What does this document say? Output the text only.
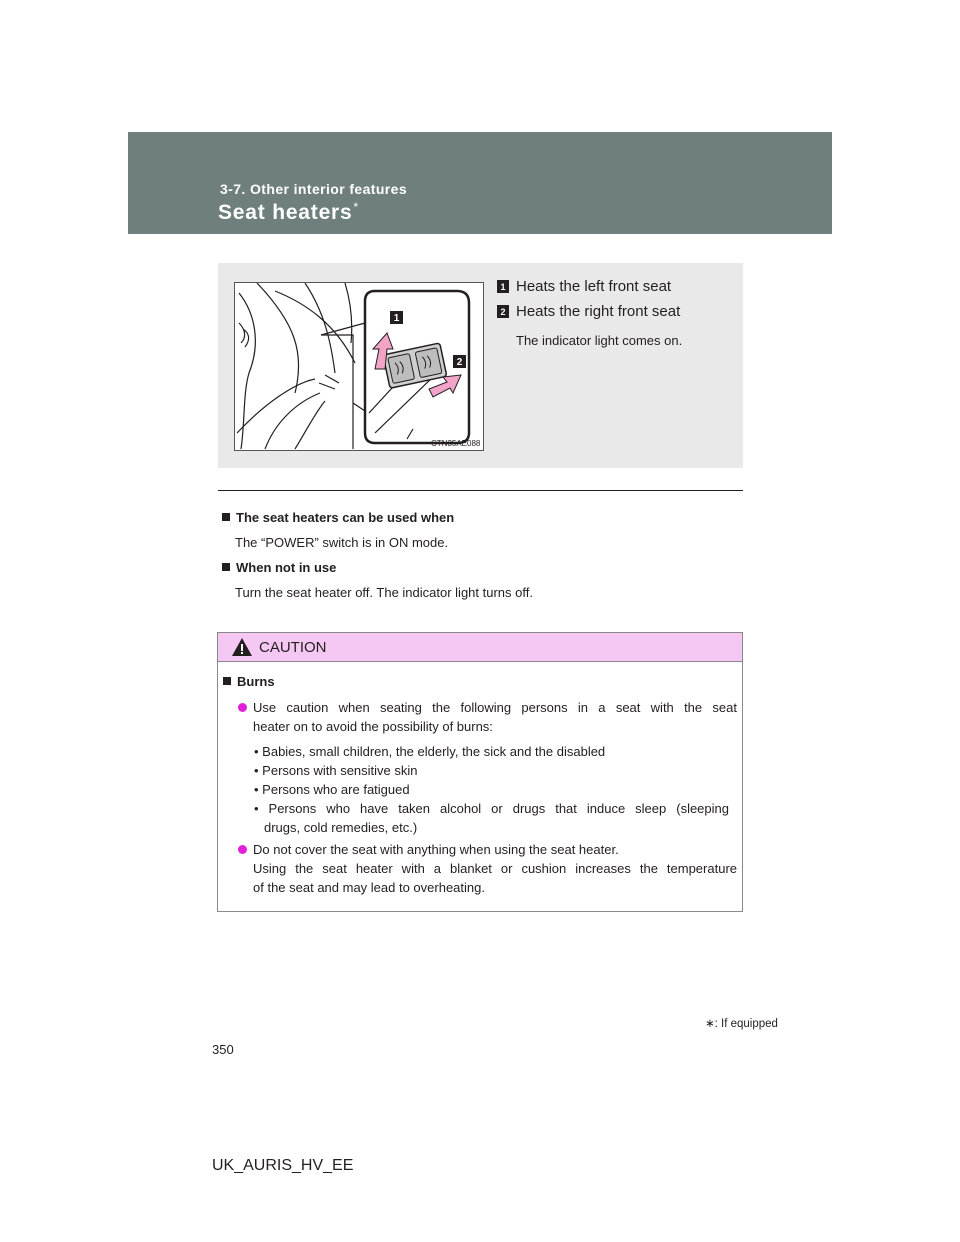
3-7. Other interior features
Seat heaters*
1
2
CTN35AE088
1 Heats the left front seat
2 Heats the right front seat
The indicator light comes on.
The seat heaters can be used when
The “POWER” switch is in ON mode.
When not in use
Turn the seat heater off. The indicator light turns off.
CAUTION
Burns
Use caution when seating the following persons in a seat with the seat
heater on to avoid the possibility of burns:
• Babies, small children, the elderly, the sick and the disabled
• Persons with sensitive skin
• Persons who are fatigued
• Persons who have taken alcohol or drugs that induce sleep (sleeping
drugs, cold remedies, etc.)
Do not cover the seat with anything when using the seat heater.
Using the seat heater with a blanket or cushion increases the temperature
of the seat and may lead to overheating.
∗: If equipped
350
UK_AURIS_HV_EE
